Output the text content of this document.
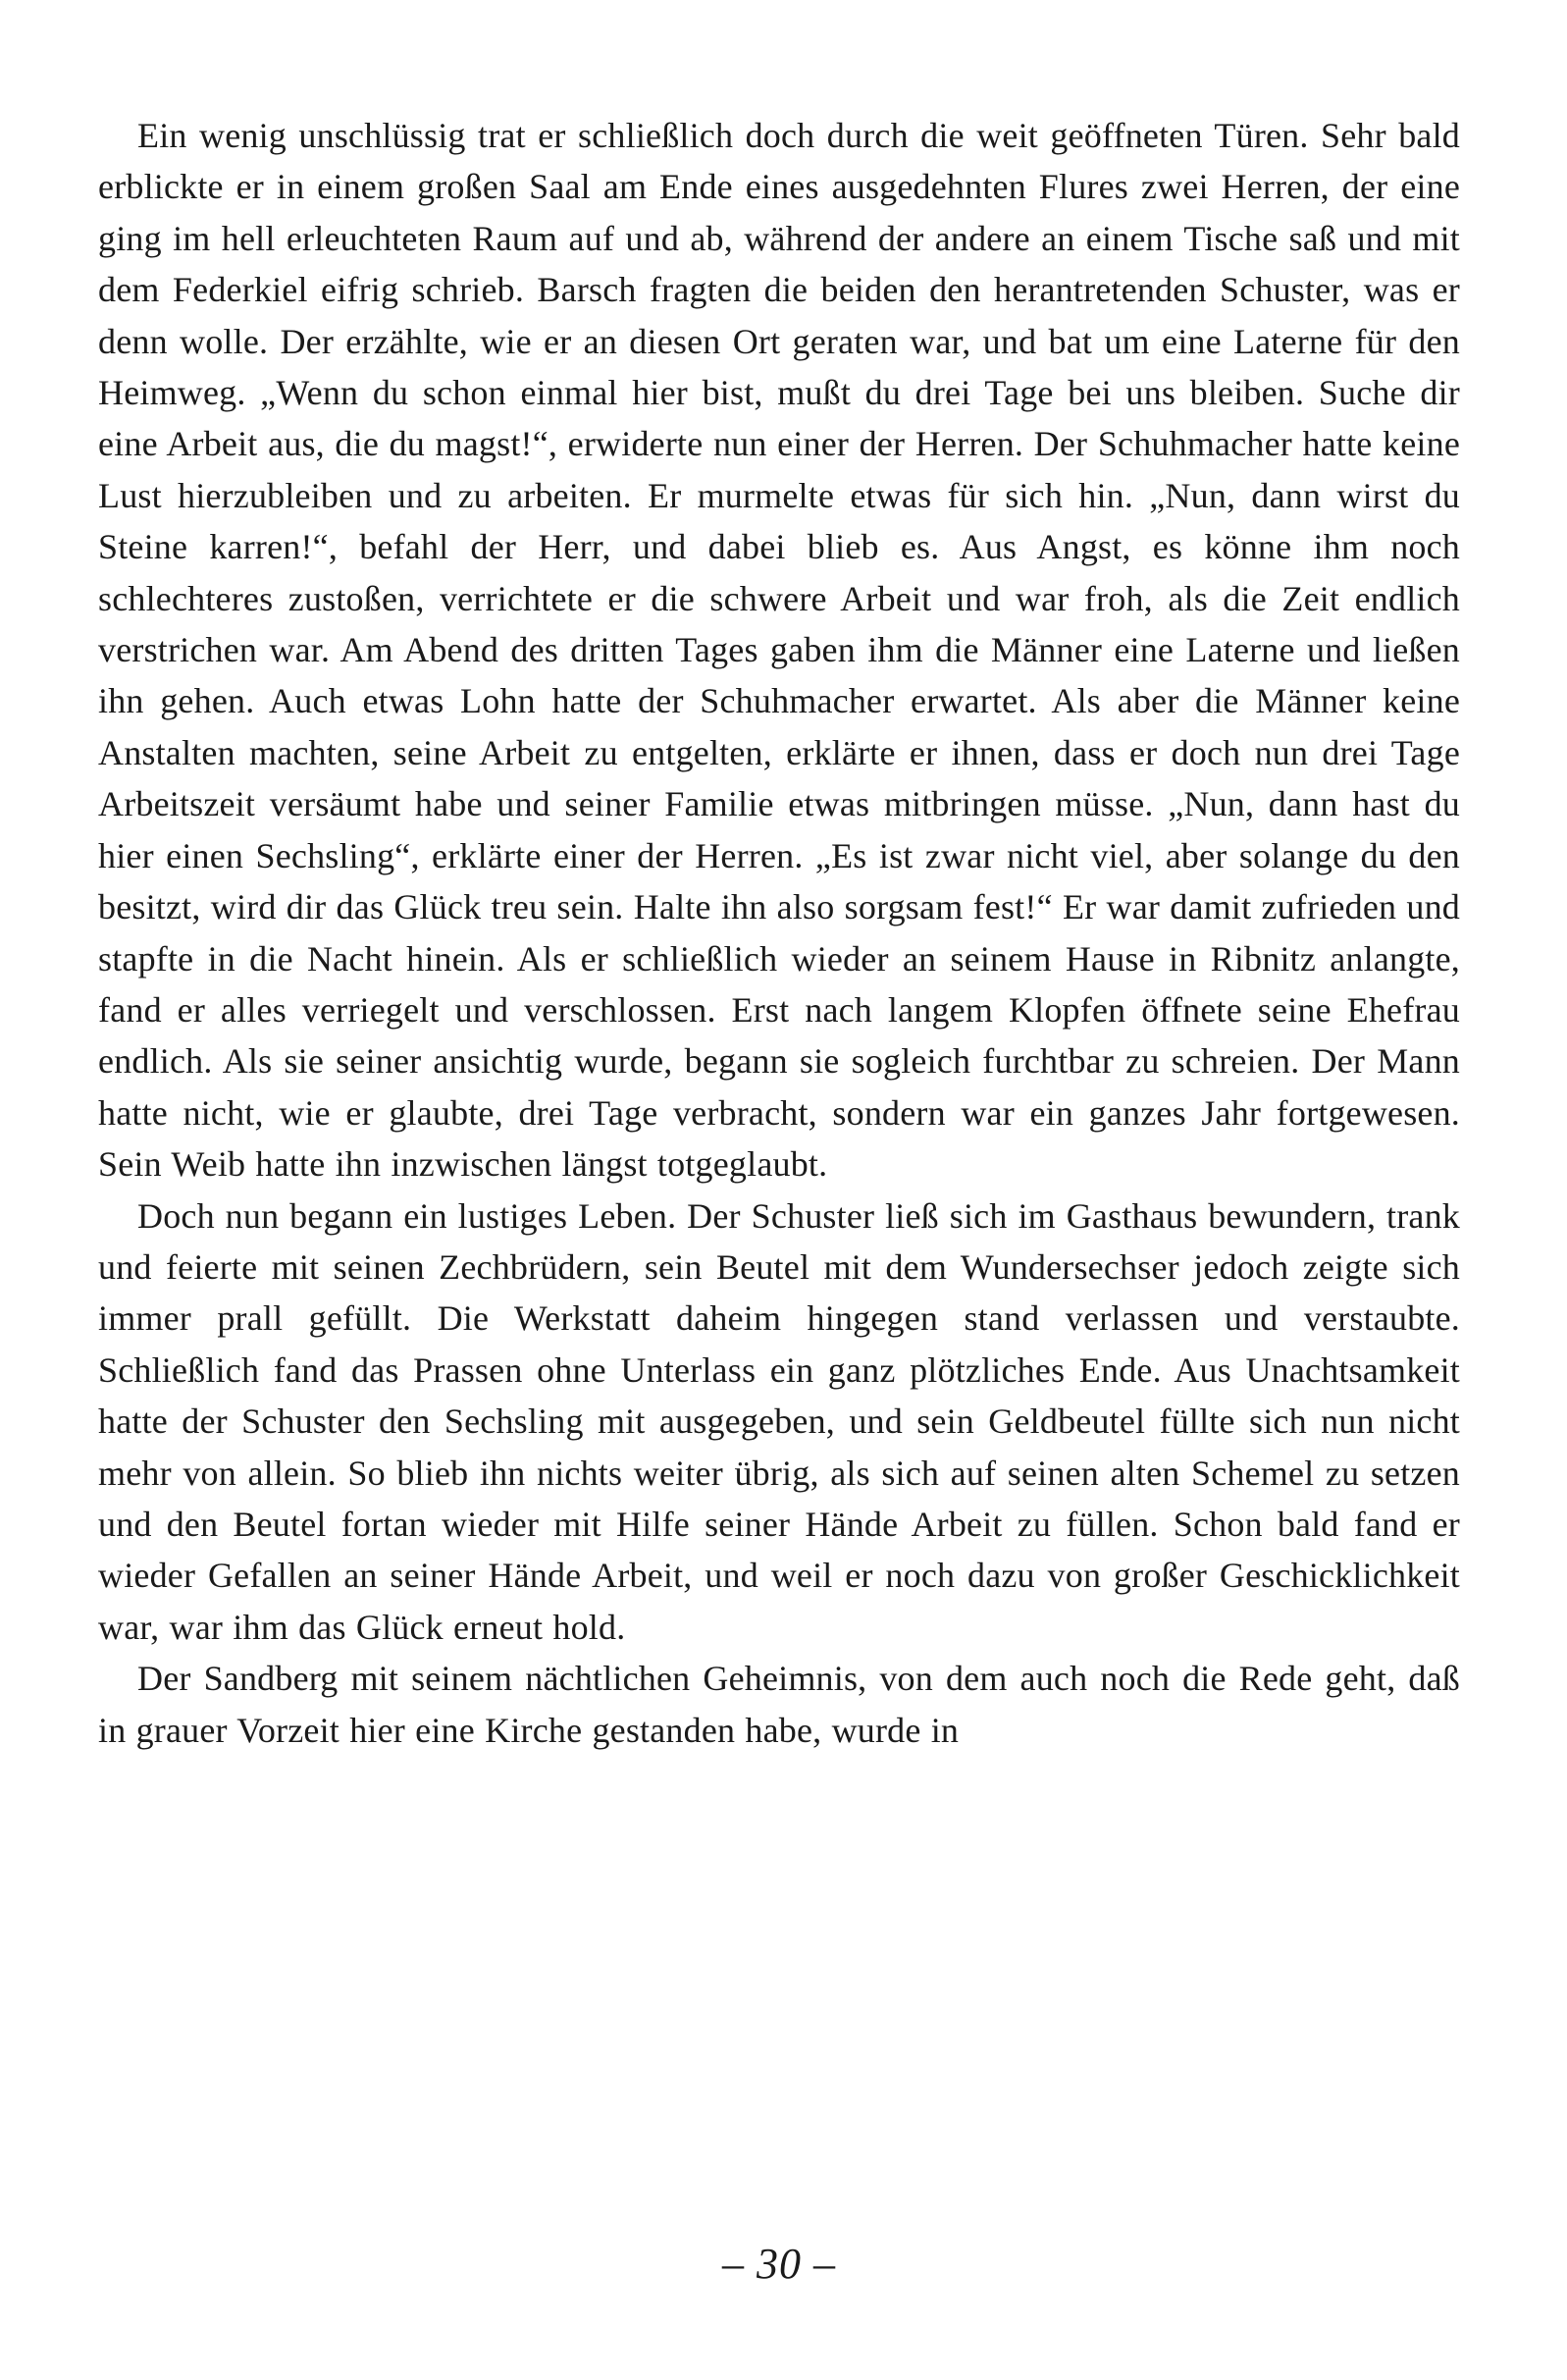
Ein wenig unschlüssig trat er schließlich doch durch die weit geöffneten Türen. Sehr bald erblickte er in einem großen Saal am Ende eines ausgedehnten Flures zwei Herren, der eine ging im hell erleuchteten Raum auf und ab, während der andere an einem Tische saß und mit dem Federkiel eifrig schrieb. Barsch fragten die beiden den herantretenden Schuster, was er denn wolle. Der erzählte, wie er an diesen Ort geraten war, und bat um eine Laterne für den Heimweg. „Wenn du schon einmal hier bist, mußt du drei Tage bei uns bleiben. Suche dir eine Arbeit aus, die du magst!“, erwiderte nun einer der Herren. Der Schuhmacher hatte keine Lust hierzubleiben und zu arbeiten. Er murmelte etwas für sich hin. „Nun, dann wirst du Steine karren!“, befahl der Herr, und dabei blieb es. Aus Angst, es könne ihm noch schlechteres zustoßen, verrichtete er die schwere Arbeit und war froh, als die Zeit endlich verstrichen war. Am Abend des dritten Tages gaben ihm die Männer eine Laterne und ließen ihn gehen. Auch etwas Lohn hatte der Schuhmacher erwartet. Als aber die Männer keine Anstalten machten, seine Arbeit zu entgelten, erklärte er ihnen, dass er doch nun drei Tage Arbeitszeit versäumt habe und seiner Familie etwas mitbringen müsse. „Nun, dann hast du hier einen Sechsling“, erklärte einer der Herren. „Es ist zwar nicht viel, aber solange du den besitzt, wird dir das Glück treu sein. Halte ihn also sorgsam fest!“ Er war damit zufrieden und stapfte in die Nacht hinein. Als er schließlich wieder an seinem Hause in Ribnitz anlangte, fand er alles verriegelt und verschlossen. Erst nach langem Klopfen öffnete seine Ehefrau endlich. Als sie seiner ansichtig wurde, begann sie sogleich furchtbar zu schreien. Der Mann hatte nicht, wie er glaubte, drei Tage verbracht, sondern war ein ganzes Jahr fortgewesen. Sein Weib hatte ihn inzwischen längst totgeglaubt.

Doch nun begann ein lustiges Leben. Der Schuster ließ sich im Gasthaus bewundern, trank und feierte mit seinen Zechbrüdern, sein Beutel mit dem Wundersechser jedoch zeigte sich immer prall gefüllt. Die Werkstatt daheim hingegen stand verlassen und verstaubte. Schließlich fand das Prassen ohne Unterlass ein ganz plötzliches Ende. Aus Unachtsamkeit hatte der Schuster den Sechsling mit ausgegeben, und sein Geldbeutel füllte sich nun nicht mehr von allein. So blieb ihn nichts weiter übrig, als sich auf seinen alten Schemel zu setzen und den Beutel fortan wieder mit Hilfe seiner Hände Arbeit zu füllen. Schon bald fand er wieder Gefallen an seiner Hände Arbeit, und weil er noch dazu von großer Geschicklichkeit war, war ihm das Glück erneut hold.

Der Sandberg mit seinem nächtlichen Geheimnis, von dem auch noch die Rede geht, daß in grauer Vorzeit hier eine Kirche gestanden habe, wurde in

– 30 –
